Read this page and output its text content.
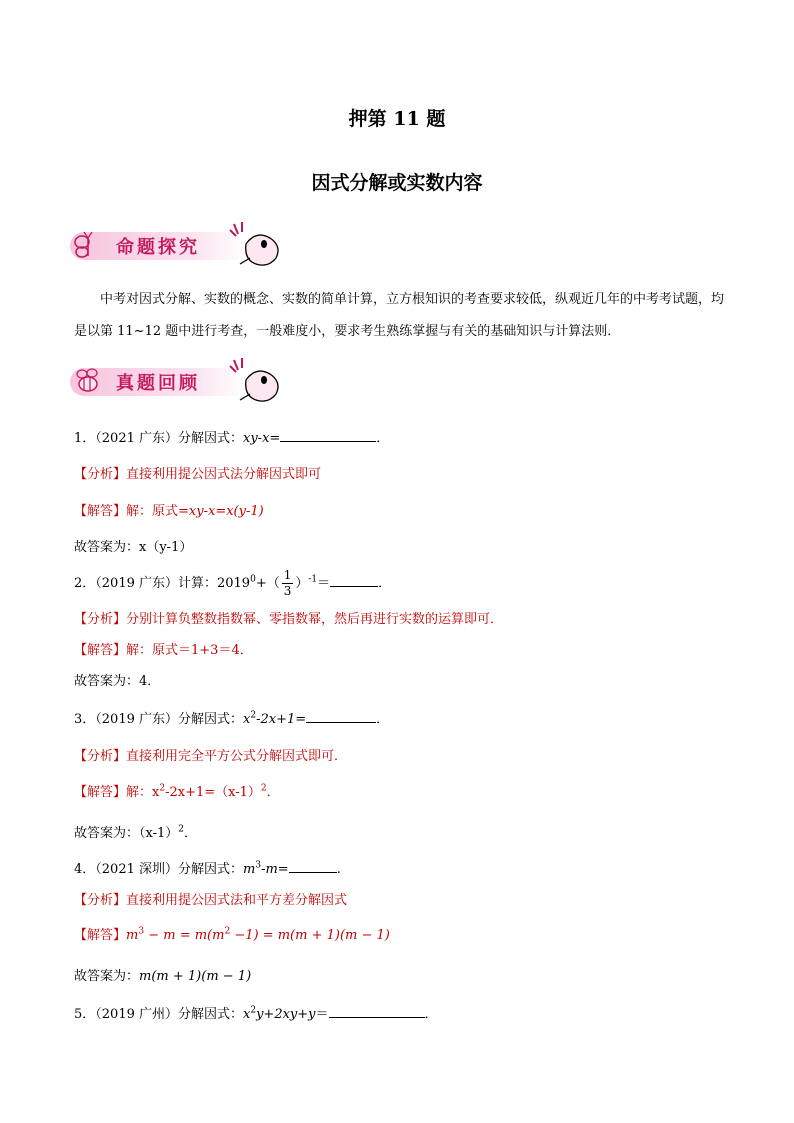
押第 11 题
因式分解或实数内容
命题探究
中考对因式分解、实数的概念、实数的简单计算，立方根知识的考查要求较低，纵观近几年的中考考试题，均是以第 11~12 题中进行考查，一般难度小，要求考生熟练掌握与有关的基础知识与计算法则．
真题回顾
1．（2021 广东）分解因式：xy-x=	．
【分析】直接利用提公因式法分解因式即可
【解答】解：原式=xy-x=x(y-1)
故答案为：x（y-1）
2．（2019 广东）计算：$2019^0+( \frac{1}{3} )^{-1}=$	．
【分析】分别计算负整数指数幂、零指数幂，然后再进行实数的运算即可．
【解答】解：原式＝1+3＝4．
故答案为：4．
3．（2019 广东）分解因式：$x^2-2x+1=$	．
【分析】直接利用完全平方公式分解因式即可．
【解答】解：$x^2-2x+1=(x-1)^2$．
故答案为：$(x-1)^2$．
4．（2021 深圳）分解因式：$m^3-m=$	.
【分析】直接利用提公因式法和平方差分解因式
【解答】$m^3 - m = m(m^2 -1) = m(m + 1)(m - 1)$
故答案为：m(m + 1)(m − 1)
5．（2019 广州）分解因式：$x^2y+2xy+y=$	．
